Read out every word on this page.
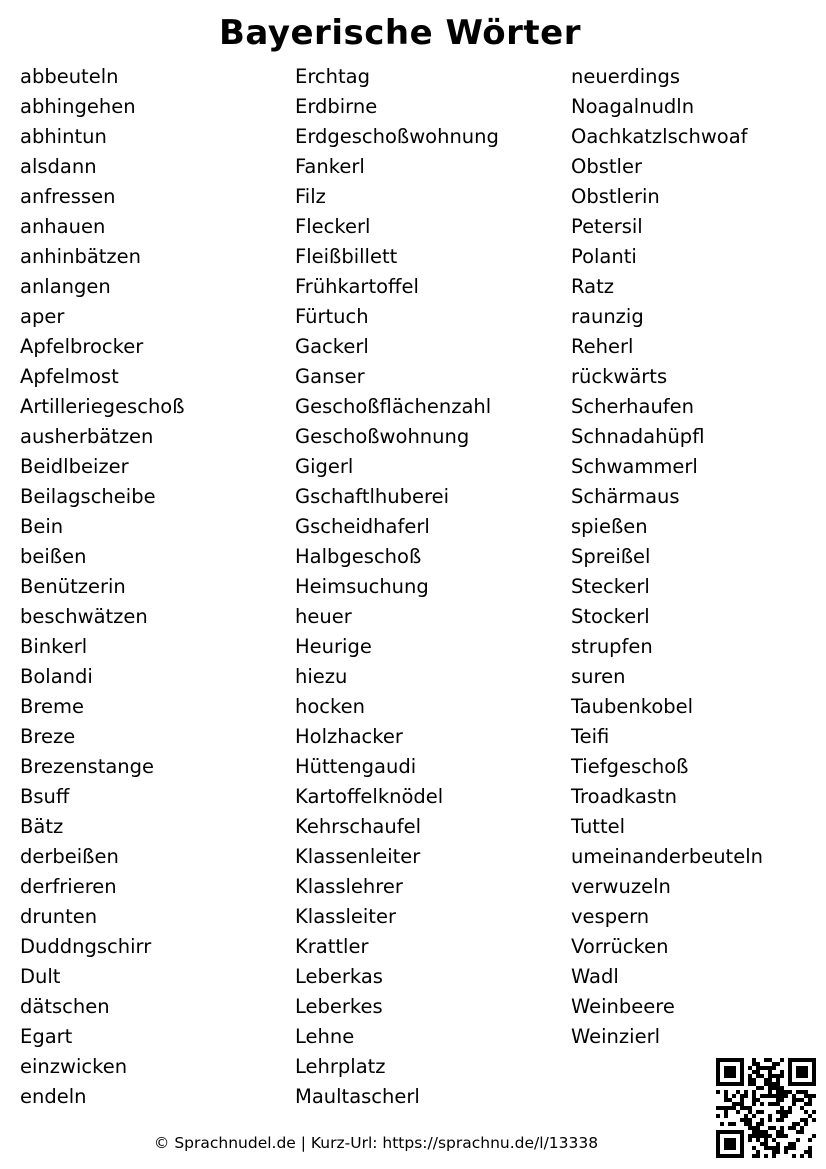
Bayerische Wörter
abbeuteln
abhingehen
abhintun
alsdann
anfressen
anhauen
anhinbätzen
anlangen
aper
Apfelbrocker
Apfelmost
Artilleriegeschoß
ausherbätzen
Beidlbeizer
Beilagscheibe
Bein
beißen
Benützerin
beschwätzen
Binkerl
Bolandi
Breme
Breze
Brezenstange
Bsuff
Bätz
derbeißen
derfrieren
drunten
Duddngschirr
Dult
dätschen
Egart
einzwicken
endeln
Erchtag
Erdbirne
Erdgeschoßwohnung
Fankerl
Filz
Fleckerl
Fleißbillett
Frühkartoffel
Fürtuch
Gackerl
Ganser
Geschoßflächenzahl
Geschoßwohnung
Gigerl
Gschaftlhuberei
Gscheidhaferl
Halbgeschoß
Heimsuchung
heuer
Heurige
hiezu
hocken
Holzhacker
Hüttengaudi
Kartoffelknödel
Kehrschaufel
Klassenleiter
Klasslehrer
Klassleiter
Krattler
Leberkas
Leberkes
Lehne
Lehrplatz
Maultascherl
neuerdings
Noagalnudln
Oachkatzlschwoaf
Obstler
Obstlerin
Petersil
Polanti
Ratz
raunzig
Reherl
rückwärts
Scherhaufen
Schnadahüpfl
Schwammerl
Schärmaus
spießen
Spreißel
Steckerl
Stockerl
strupfen
suren
Taubenkobel
Teifi
Tiefgeschoß
Troadkastn
Tuttel
umeinanderbeuteln
verwuzeln
vespern
Vorrücken
Wadl
Weinbeere
Weinzierl
© Sprachnudel.de | Kurz-Url: https://sprachnu.de/l/13338
